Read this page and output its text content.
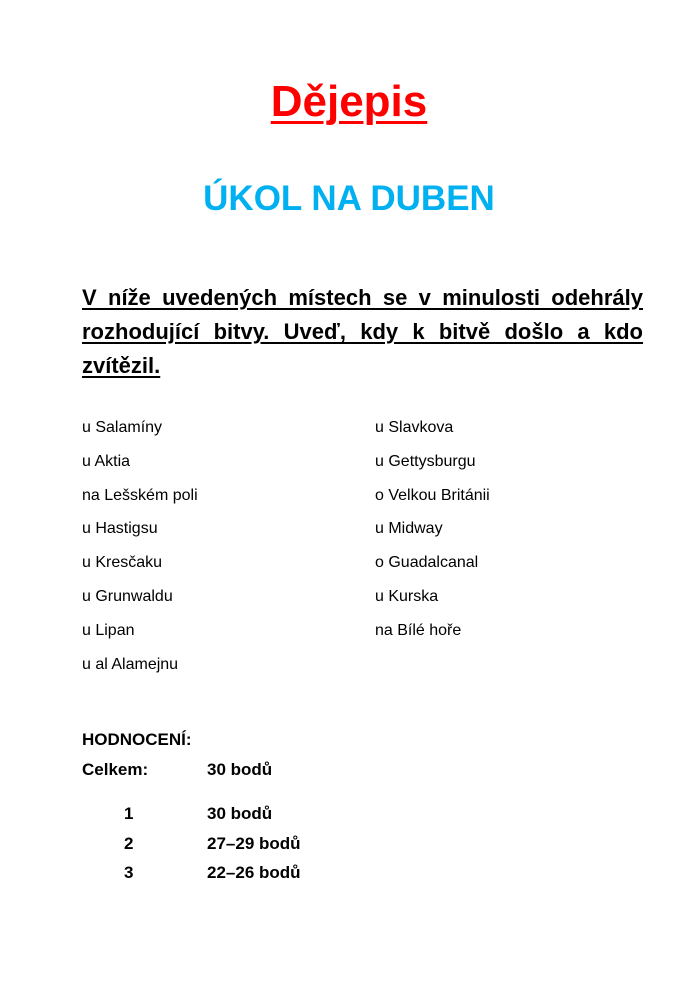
Dějepis
ÚKOL NA DUBEN
V níže uvedených místech se v minulosti odehrály rozhodující bitvy. Uveď, kdy k bitvě došlo a kdo zvítězil.
u Salamíny
u Aktia
na Lešském poli
u Hastigsu
u Kresčaku
u Grunwaldu
u Lipan
u al Alamejnu
u Slavkova
u Gettysburgu
o Velkou Británii
u Midway
o Guadalcanal
u Kurska
na Bílé hoře
HODNOCENÍ:
Celkem:	30 bodů
1	30 bodů
2	27–29 bodů
3	22–26 bodů
